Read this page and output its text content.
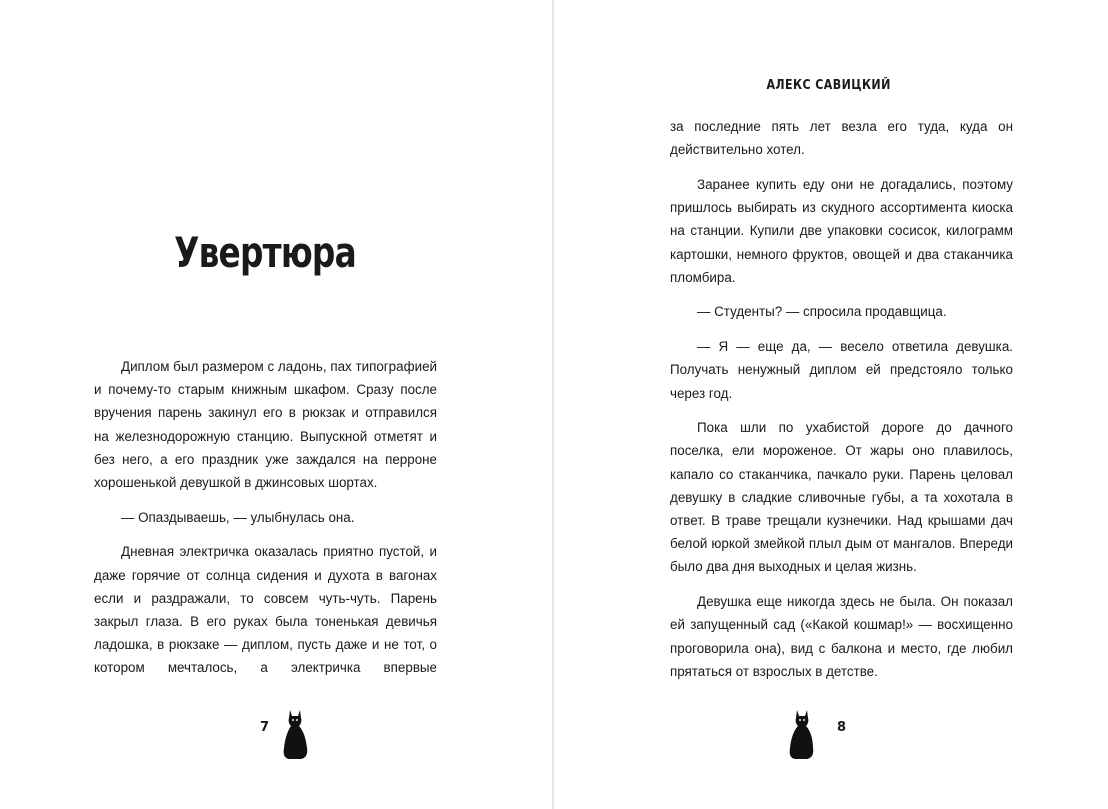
Увертюра

Диплом был размером с ладонь, пах типографией и почему-то старым книжным шкафом. Сразу после вручения парень закинул его в рюкзак и отправился на железнодорожную станцию. Выпускной отметят и без него, а его праздник уже заждался на перроне хорошенькой девушкой в джинсовых шортах.

— Опаздываешь, — улыбнулась она.

Дневная электричка оказалась приятно пустой, и даже горячие от солнца сидения и духота в вагонах если и раздражали, то совсем чуть-чуть. Парень закрыл глаза. В его руках была тоненькая девичья ладошка, в рюкзаке — диплом, пусть даже и не тот, о котором мечталось, а электричка впервые

7
АЛЕКС САВИЦКИЙ

за последние пять лет везла его туда, куда он действительно хотел.

Заранее купить еду они не догадались, поэтому пришлось выбирать из скудного ассортимента киоска на станции. Купили две упаковки сосисок, килограмм картошки, немного фруктов, овощей и два стаканчика пломбира.

— Студенты? — спросила продавщица.

— Я — еще да, — весело ответила девушка. Получать ненужный диплом ей предстояло только через год.

Пока шли по ухабистой дороге до дачного поселка, ели мороженое. От жары оно плавилось, капало со стаканчика, пачкало руки. Парень целовал девушку в сладкие сливочные губы, а та хохотала в ответ. В траве трещали кузнечики. Над крышами дач белой юркой змейкой плыл дым от мангалов. Впереди было два дня выходных и целая жизнь.

Девушка еще никогда здесь не была. Он показал ей запущенный сад («Какой кошмар!» — восхищенно проговорила она), вид с балкона и место, где любил прятаться от взрослых в детстве.

8
